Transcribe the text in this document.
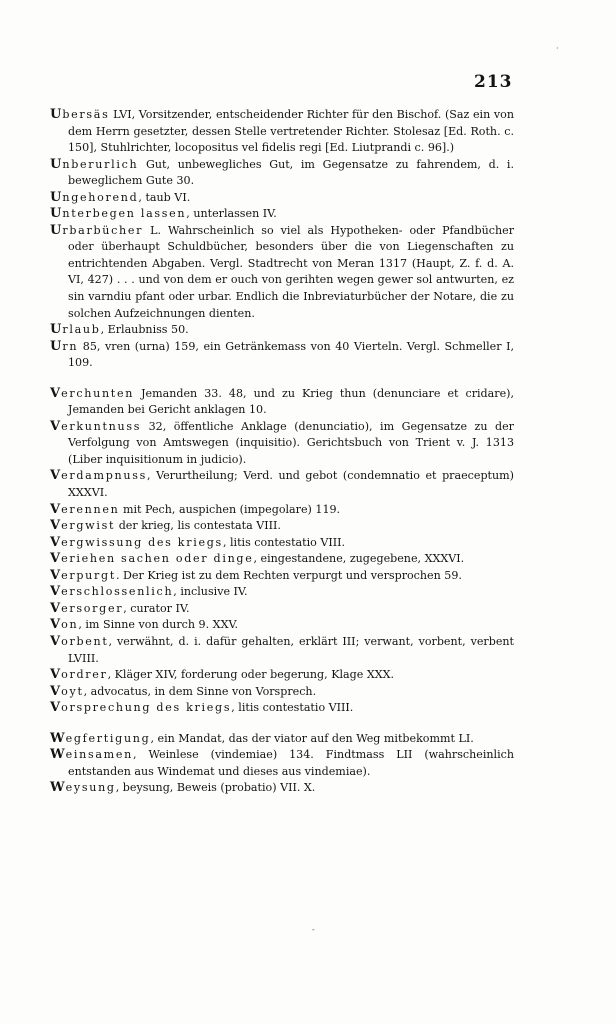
213

Ubersäs LVI, Vorsitzender, entscheidender Richter für den Bischof. (Saz ein von dem Herrn gesetzter, dessen Stelle vertretender Richter. Stolesaz [Ed. Roth. c. 150], Stuhlrichter, locopositus vel fidelis regi [Ed. Liutprandi c. 96].)

Unberurlich Gut, unbewegliches Gut, im Gegensatze zu fahrendem, d. i. beweglichem Gute 30.

Ungehorend, taub VI.

Unterbegen lassen, unterlassen IV.

Urbarbücher L. Wahrscheinlich so viel als Hypotheken- oder Pfandbücher oder überhaupt Schuldbücher, besonders über die von Liegenschaften zu entrichtenden Abgaben. Vergl. Stadtrecht von Meran 1317 (Haupt, Z. f. d. A. VI, 427) . . . und von dem er ouch von gerihten wegen gewer sol antwurten, ez sin varndiu pfant oder urbar. Endlich die Inbreviaturbücher der Notare, die zu solchen Aufzeichnungen dienten.

Urlaub, Erlaubniss 50.

Urn 85, vren (urna) 159, ein Getränkemass von 40 Vierteln. Vergl. Schmeller I, 109.

Verchunten Jemanden 33. 48, und zu Krieg thun (denunciare et cridare), Jemanden bei Gericht anklagen 10.

Verkuntnuss 32, öffentliche Anklage (denunciatio), im Gegensatze zu der Verfolgung von Amtswegen (inquisitio). Gerichtsbuch von Trient v. J. 1313 (Liber inquisitionum in judicio).

Verdampnuss, Verurtheilung; Verd. und gebot (condemnatio et praeceptum) XXXVI.

Verennen mit Pech, auspichen (impegolare) 119.

Vergwist der krieg, lis contestata VIII.

Vergwissung des kriegs, litis contestatio VIII.

Veriehen sachen oder dinge, eingestandene, zugegebene, XXXVI.

Verpurgt. Der Krieg ist zu dem Rechten verpurgt und versprochen 59.

Verschlossenlich, inclusive IV.

Versorger, curator IV.

Von, im Sinne von durch 9. XXV.

Vorbent, verwähnt, d. i. dafür gehalten, erklärt III; verwant, vorbent, verbent LVIII.

Vordrer, Kläger XIV, forderung oder begerung, Klage XXX.

Voyt, advocatus, in dem Sinne von Vorsprech.

Vorsprechung des kriegs, litis contestatio VIII.

Wegfertigung, ein Mandat, das der viator auf den Weg mitbekommt LI.

Weinsamen, Weinlese (vindemiae) 134. Findtmass LII (wahrscheinlich entstanden aus Windemat und dieses aus vindemiae).

Weysung, beysung, Beweis (probatio) VII. X.

·
-
